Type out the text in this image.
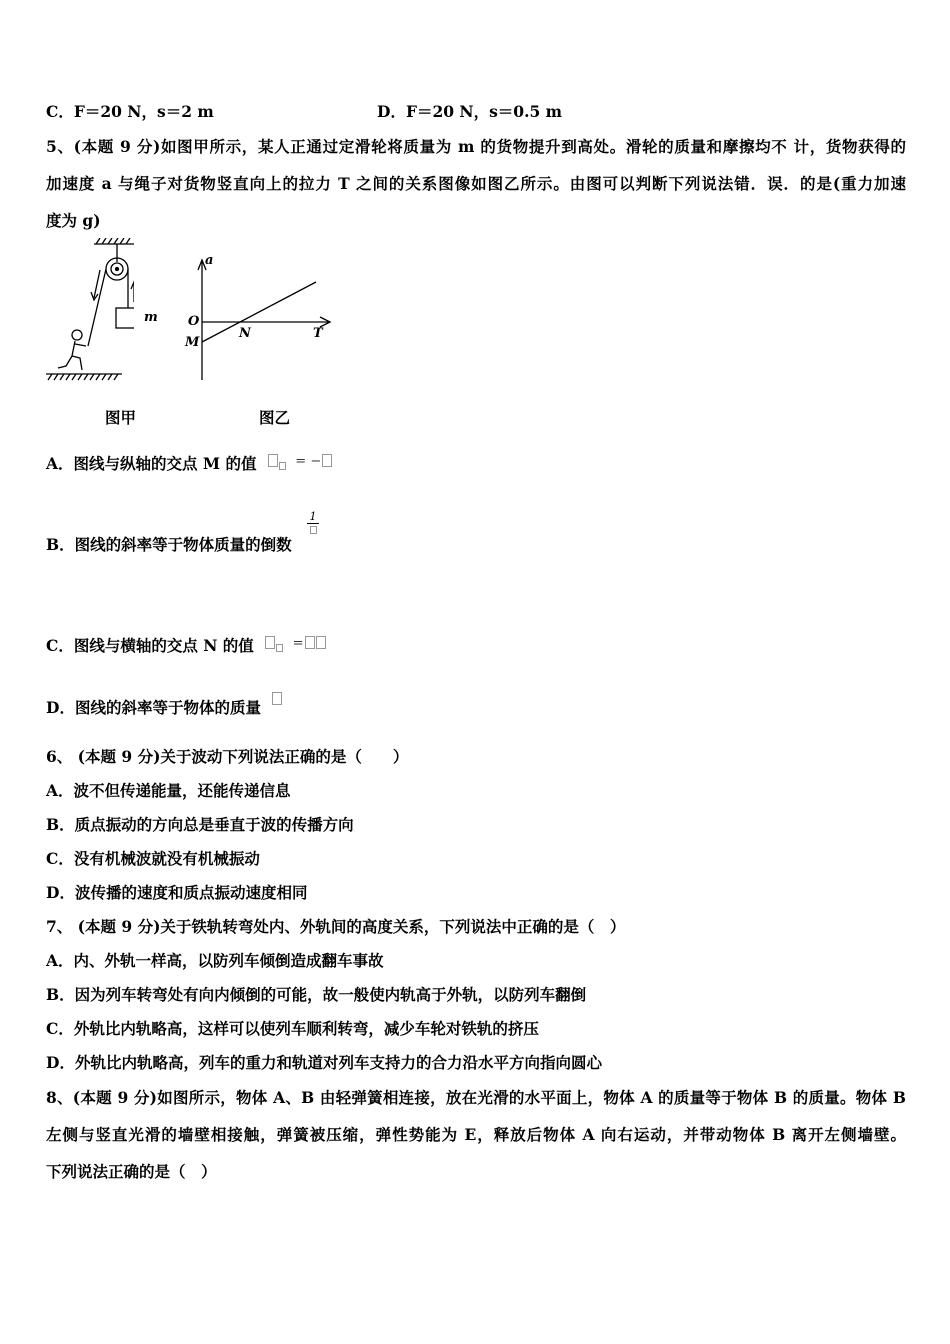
C．F＝20 N，s＝2 m	D．F＝20 N，s＝0.5 m
5、(本题 9 分)如图甲所示，某人正通过定滑轮将质量为 m 的货物提升到高处。滑轮的质量和摩擦均不 计，货物获得的
加速度 a 与绳子对货物竖直向上的拉力 T 之间的关系图像如图乙所示。由图可以判断下列说法错．误．的是(重力加速
度为 g)
m
a
O
M
N	T
图甲	图乙
A．图线与纵轴的交点 M 的值	= −
1
B．图线的斜率等于物体质量的倒数
C．图线与横轴的交点 N 的值	=
D．图线的斜率等于物体的质量
6、 (本题 9 分)关于波动下列说法正确的是（　　）
A．波不但传递能量，还能传递信息
B．质点振动的方向总是垂直于波的传播方向
C．没有机械波就没有机械振动
D．波传播的速度和质点振动速度相同
7、 (本题 9 分)关于铁轨转弯处内、外轨间的高度关系，下列说法中正确的是（　）
A．内、外轨一样高，以防列车倾倒造成翻车事故
B．因为列车转弯处有向内倾倒的可能，故一般使内轨高于外轨，以防列车翻倒
C．外轨比内轨略高，这样可以使列车顺利转弯，减少车轮对铁轨的挤压
D．外轨比内轨略高，列车的重力和轨道对列车支持力的合力沿水平方向指向圆心
8、(本题 9 分)如图所示，物体 A、B 由轻弹簧相连接，放在光滑的水平面上，物体 A 的质量等于物体 B 的质量。物体 B
左侧与竖直光滑的墙壁相接触，弹簧被压缩，弹性势能为 E，释放后物体 A 向右运动，并带动物体 B 离开左侧墙壁。
下列说法正确的是（　）
